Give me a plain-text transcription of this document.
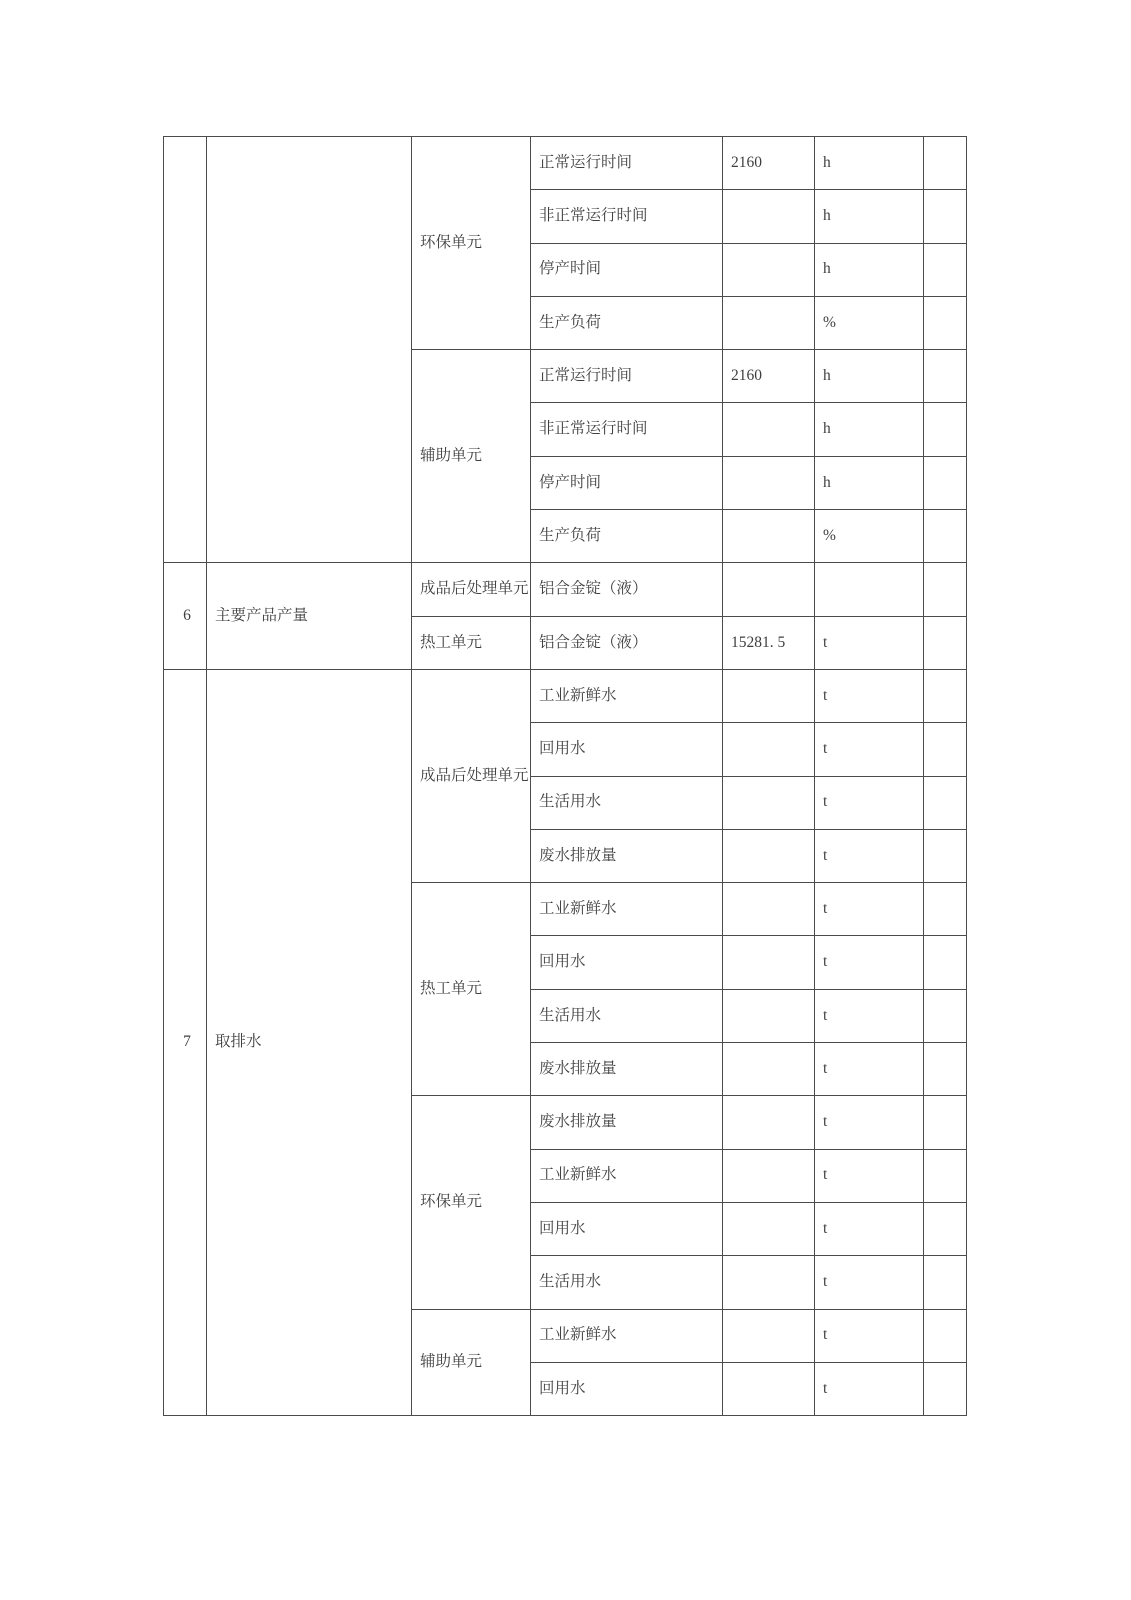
		环保单元	正常运行时间	2160	h	
			非正常运行时间		h	
			停产时间		h	
			生产负荷		%	
		辅助单元	正常运行时间	2160	h	
			非正常运行时间		h	
			停产时间		h	
			生产负荷		%	
6	主要产品产量	成品后处理单元	铝合金锭（液）			
		热工单元	铝合金锭（液）	15281. 5	t	
7	取排水	成品后处理单元	工业新鲜水		t	
			回用水		t	
			生活用水		t	
			废水排放量		t	
		热工单元	工业新鲜水		t	
			回用水		t	
			生活用水		t	
			废水排放量		t	
		环保单元	废水排放量		t	
			工业新鲜水		t	
			回用水		t	
			生活用水		t	
		辅助单元	工业新鲜水		t	
			回用水		t	
